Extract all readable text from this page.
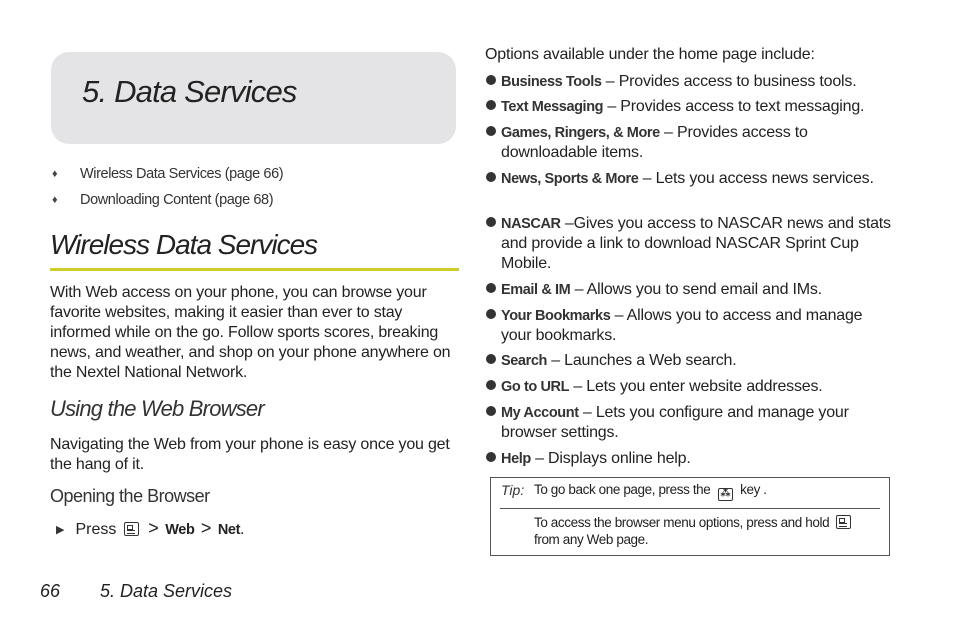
5. Data Services
♦ Wireless Data Services (page 66)
♦ Downloading Content (page 68)
Wireless Data Services
With Web access on your phone, you can browse your favorite websites, making it easier than ever to stay informed while on the go. Follow sports scores, breaking news, and weather, and shop on your phone anywhere on the Nextel National Network.
Using the Web Browser
Navigating the Web from your phone is easy once you get the hang of it.
Opening the Browser
▶ Press > Web > Net.
Options available under the home page include:
Business Tools – Provides access to business tools.
Text Messaging – Provides access to text messaging.
Games, Ringers, & More – Provides access to downloadable items.
News, Sports & More – Lets you access news services.
NASCAR –Gives you access to NASCAR news and stats and provide a link to download NASCAR Sprint Cup Mobile.
Email & IM – Allows you to send email and IMs.
Your Bookmarks – Allows you to access and manage your bookmarks.
Search – Launches a Web search.
Go to URL – Lets you enter website addresses.
My Account – Lets you configure and manage your browser settings.
Help – Displays online help.
Tip: To go back one page, press the ⁂ key .
To access the browser menu options, press and hold  from any Web page.
66 5. Data Services
